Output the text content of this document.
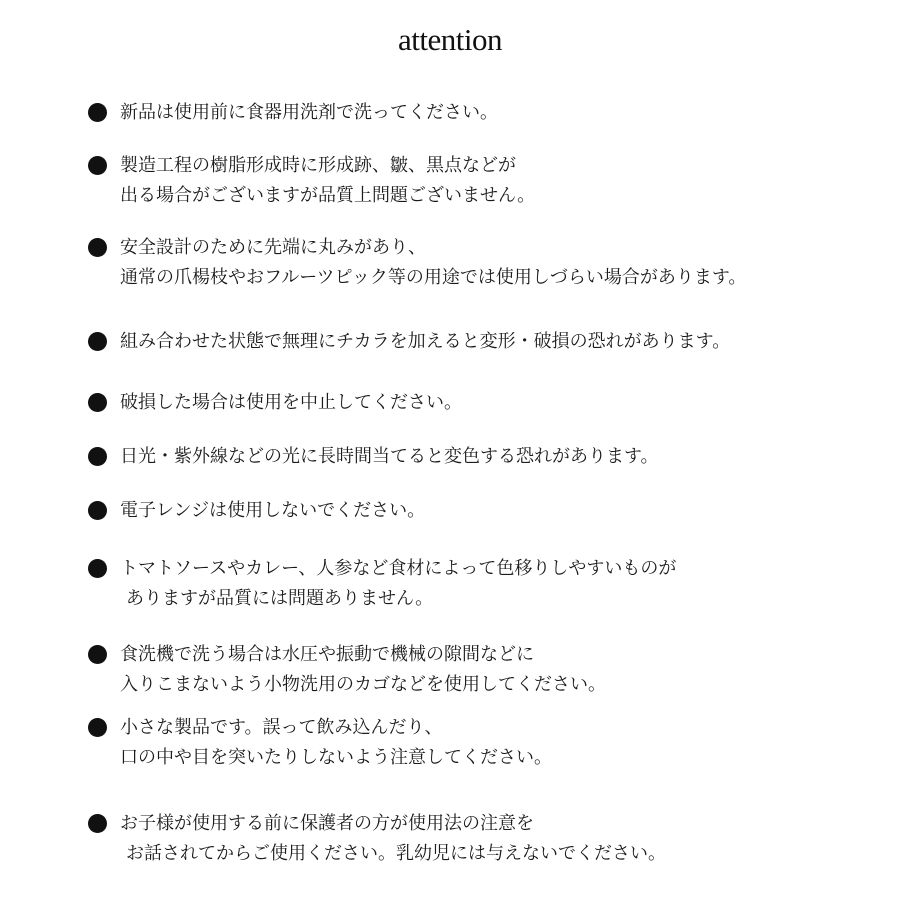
attention
新品は使用前に食器用洗剤で洗ってください。
製造工程の樹脂形成時に形成跡、皺、黒点などが
出る場合がございますが品質上問題ございません。
安全設計のために先端に丸みがあり、
通常の爪楊枝やおフルーツピック等の用途では使用しづらい場合があります。
組み合わせた状態で無理にチカラを加えると変形・破損の恐れがあります。
破損した場合は使用を中止してください。
日光・紫外線などの光に長時間当てると変色する恐れがあります。
電子レンジは使用しないでください。
トマトソースやカレー、人参など食材によって色移りしやすいものが
ありますが品質には問題ありません。
食洗機で洗う場合は水圧や振動で機械の隙間などに
入りこまないよう小物洗用のカゴなどを使用してください。
小さな製品です。誤って飲み込んだり、
口の中や目を突いたりしないよう注意してください。
お子様が使用する前に保護者の方が使用法の注意を
お話されてからご使用ください。乳幼児には与えないでください。
